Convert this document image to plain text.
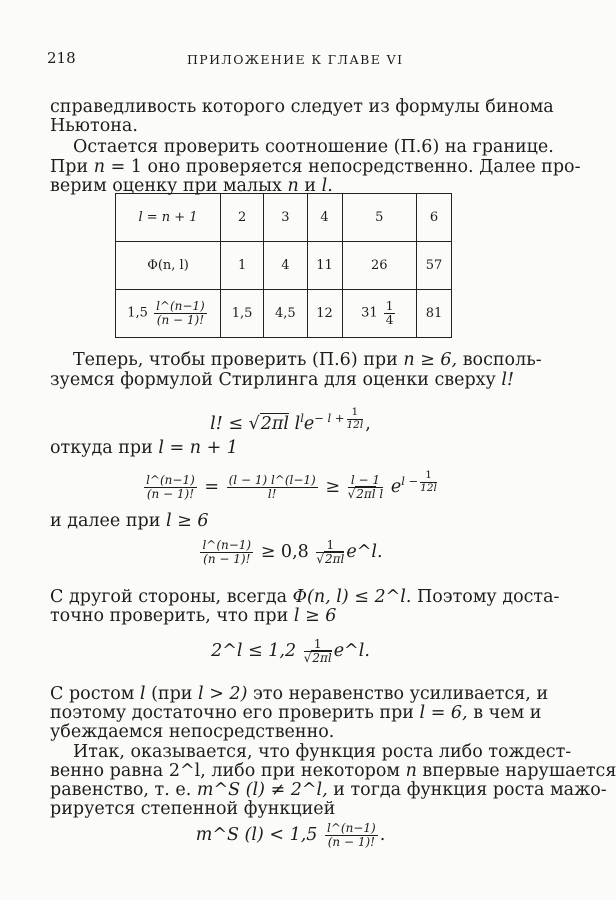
218	ПРИЛОЖЕНИЕ К ГЛАВЕ VI
справедливость которого следует из формулы бинома
Ньютона.
Остается проверить соотношение (П.6) на границе.
При n = 1 оно проверяется непосредственно. Далее про-
верим оценку при малых n и l.
l = n + 1	2	3	4	5	6
Φ(n, l)	1	4	11	26	57
$1,5 \frac{l\^{}(n-1)}{(n - 1)!}$	1,5	4,5	12	$31 \frac{1}{4}$	81
Теперь, чтобы проверить (П.6) при n ≥ 6, восполь-
зуемся формулой Стирлинга для оценки сверху l!
l! ≤ √2πl $l^le^{- l + \frac{1}{12l}}$ ,
откуда при l = n + 1
$\frac{l\^{}(n-1)}{(n - 1)!} = \frac{(l - 1) l\^{}(l-1)}{l!} \ge \frac{l - 1}{\text{√2πl l}} e^{l - \frac{1}{12l}}$
и далее при l ≥ 6
$\frac{l\^{}(n-1)}{(n - 1)!} \ge 0,8 \frac{1}{√2\pi l}$ e^l.
С другой стороны, всегда Φ(n, l) ≤ 2^l. Поэтому доста-
точно проверить, что при l ≥ 6
2^l ≤ $1,2 \frac{1}{√2\pi l}$ e^l.
С ростом l (при l > 2) это неравенство усиливается, и
поэтому достаточно его проверить при l = 6, в чем и
убеждаемся непосредственно.
Итак, оказывается, что функция роста либо тождест-
венно равна 2^l, либо при некотором n впервые нарушается
равенство, т. е. m^S (l) ≠ 2^l, и тогда функция роста мажо-
рируется степенной функцией
m^S $(l) < 1,5 \frac{l\^{}(n-1)}{(n - 1)!}$ .
